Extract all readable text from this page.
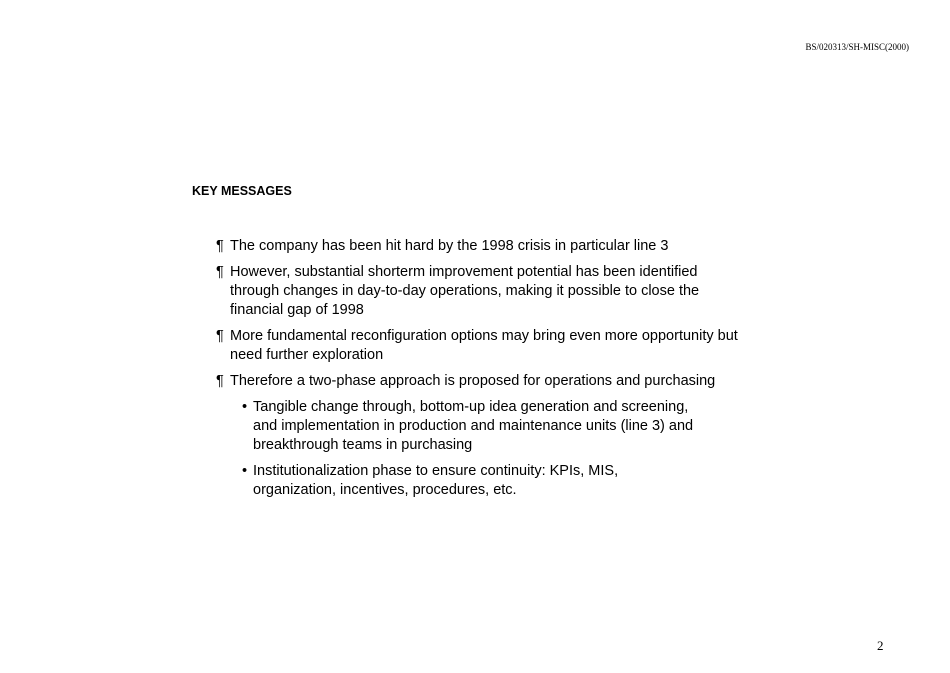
BS/020313/SH-MISC(2000)
KEY MESSAGES
¶ The company has been hit hard by the 1998 crisis in particular line 3
¶ However, substantial shorterm improvement potential has been identified through changes in day-to-day operations, making it possible to close the financial gap of 1998
¶ More fundamental reconfiguration options may bring even more opportunity but need further exploration
¶ Therefore a two-phase approach is proposed for operations and purchasing
• Tangible change through, bottom-up idea generation and screening, and implementation in production and maintenance units (line 3) and breakthrough teams in purchasing
• Institutionalization phase to ensure continuity: KPIs, MIS, organization, incentives, procedures, etc.
2
